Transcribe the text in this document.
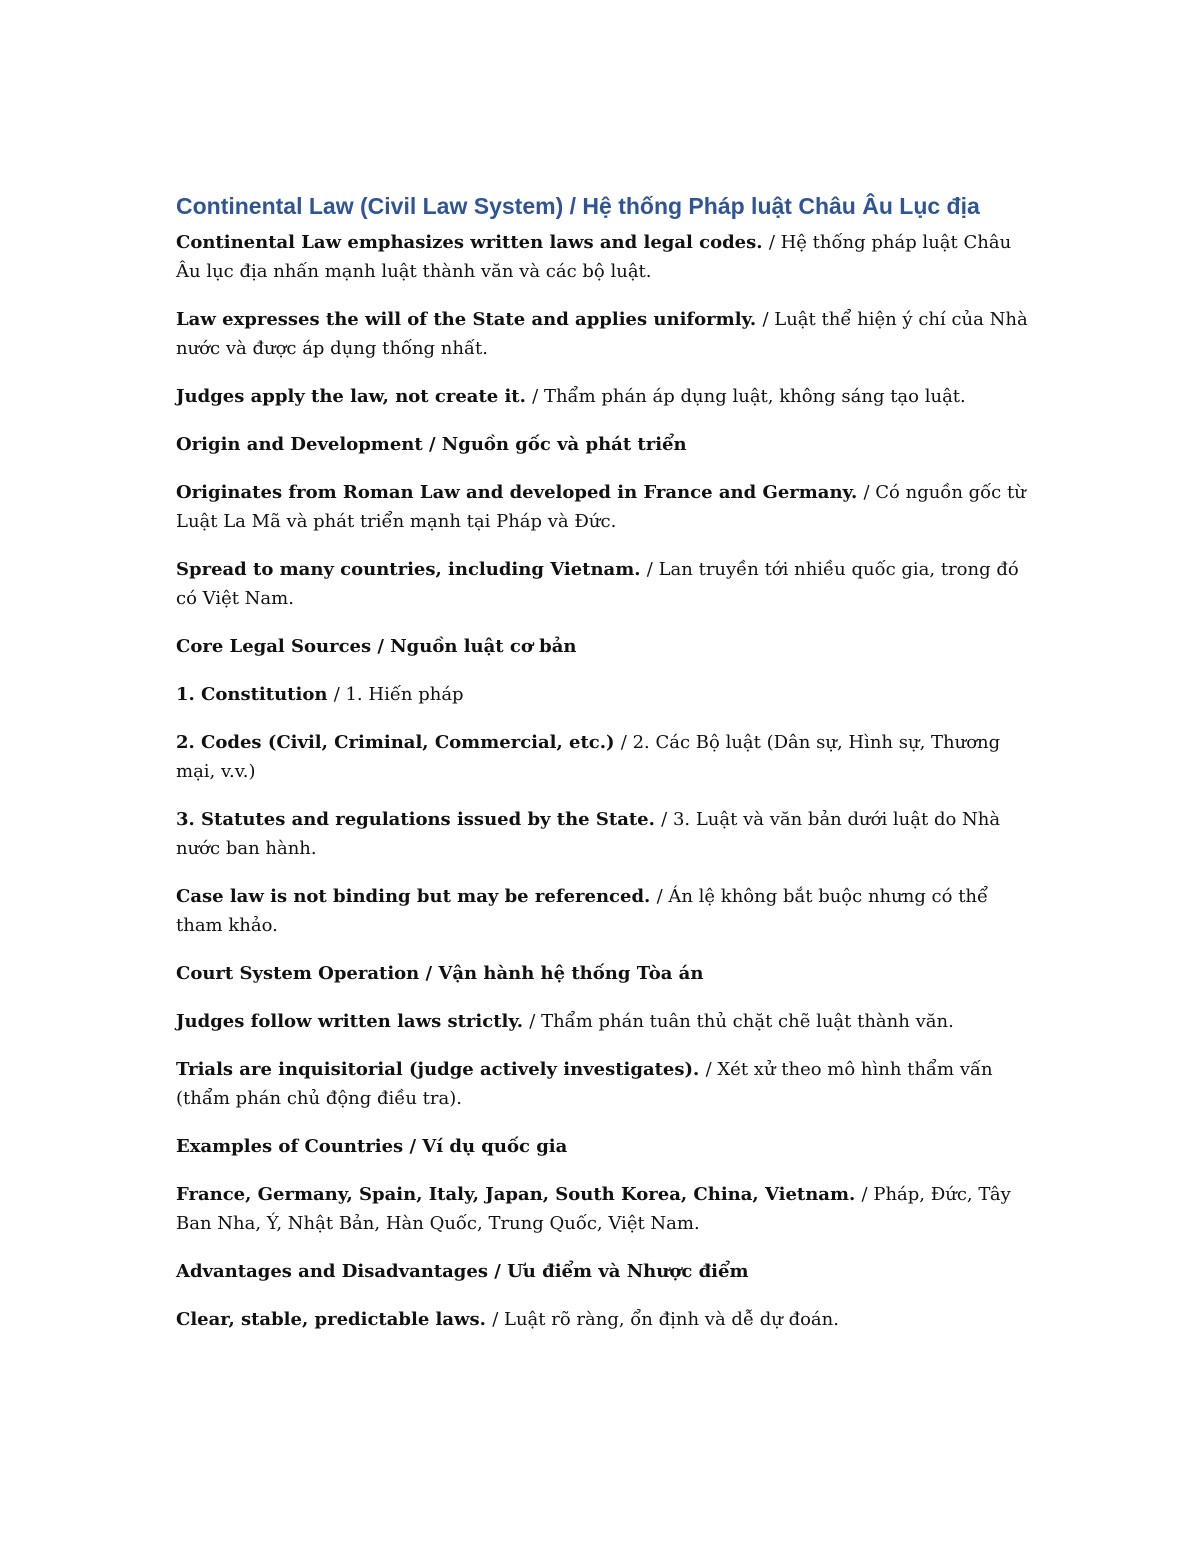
Continental Law (Civil Law System) / Hệ thống Pháp luật Châu Âu Lục địa

Continental Law emphasizes written laws and legal codes. / Hệ thống pháp luật Châu Âu lục địa nhấn mạnh luật thành văn và các bộ luật.

Law expresses the will of the State and applies uniformly. / Luật thể hiện ý chí của Nhà nước và được áp dụng thống nhất.

Judges apply the law, not create it. / Thẩm phán áp dụng luật, không sáng tạo luật.

Origin and Development / Nguồn gốc và phát triển

Originates from Roman Law and developed in France and Germany. / Có nguồn gốc từ Luật La Mã và phát triển mạnh tại Pháp và Đức.

Spread to many countries, including Vietnam. / Lan truyền tới nhiều quốc gia, trong đó có Việt Nam.

Core Legal Sources / Nguồn luật cơ bản

1. Constitution / 1. Hiến pháp

2. Codes (Civil, Criminal, Commercial, etc.) / 2. Các Bộ luật (Dân sự, Hình sự, Thương mại, v.v.)

3. Statutes and regulations issued by the State. / 3. Luật và văn bản dưới luật do Nhà nước ban hành.

Case law is not binding but may be referenced. / Án lệ không bắt buộc nhưng có thể tham khảo.

Court System Operation / Vận hành hệ thống Tòa án

Judges follow written laws strictly. / Thẩm phán tuân thủ chặt chẽ luật thành văn.

Trials are inquisitorial (judge actively investigates). / Xét xử theo mô hình thẩm vấn (thẩm phán chủ động điều tra).

Examples of Countries / Ví dụ quốc gia

France, Germany, Spain, Italy, Japan, South Korea, China, Vietnam. / Pháp, Đức, Tây Ban Nha, Ý, Nhật Bản, Hàn Quốc, Trung Quốc, Việt Nam.

Advantages and Disadvantages / Ưu điểm và Nhược điểm

Clear, stable, predictable laws. / Luật rõ ràng, ổn định và dễ dự đoán.
